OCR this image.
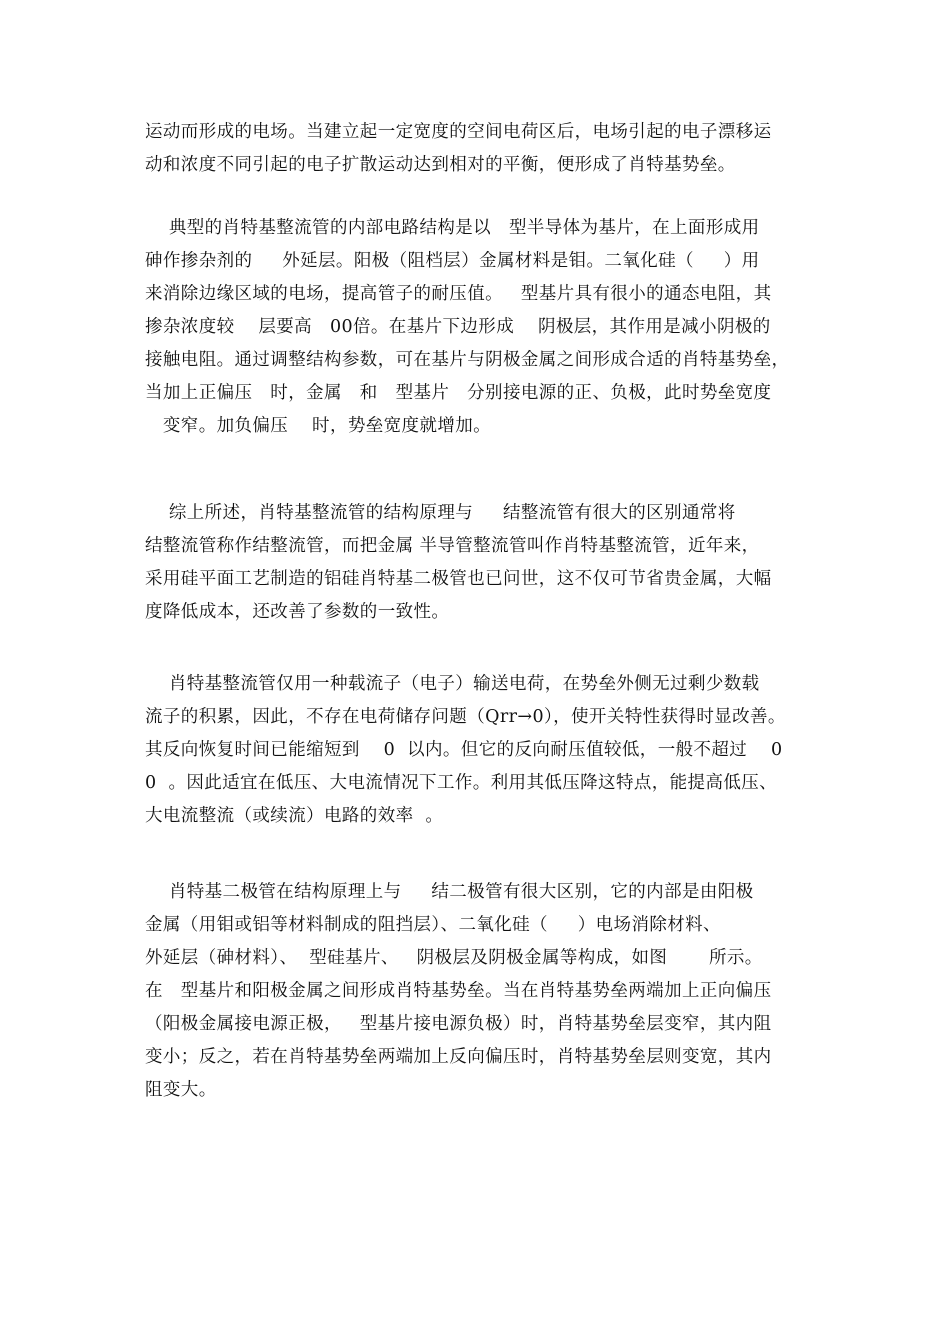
运动而形成的电场。当建立起一定宽度的空间电荷区后，电场引起的电子漂移运
动和浓度不同引起的电子扩散运动达到相对的平衡，便形成了肖特基势垒。
典型的肖特基整流管的内部电路结构是以   型半导体为基片，在上面形成用
砷作掺杂剂的     外延层。阳极（阻档层）金属材料是钼。二氧化硅（     ）用
来消除边缘区域的电场，提高管子的耐压值。   型基片具有很小的通态电阻，其
掺杂浓度较    层要高   00倍。在基片下边形成    阴极层，其作用是减小阴极的
接触电阻。通过调整结构参数，可在基片与阴极金属之间形成合适的肖特基势垒，
当加上正偏压   时，金属   和   型基片   分别接电源的正、负极，此时势垒宽度
变窄。加负偏压    时，势垒宽度就增加。
综上所述，肖特基整流管的结构原理与     结整流管有很大的区别通常将
结整流管称作结整流管，而把金属 半导管整流管叫作肖特基整流管，近年来，
采用硅平面工艺制造的铝硅肖特基二极管也已问世，这不仅可节省贵金属，大幅
度降低成本，还改善了参数的一致性。
肖特基整流管仅用一种载流子（电子）输送电荷，在势垒外侧无过剩少数载
流子的积累，因此，不存在电荷储存问题（Qrr→0），使开关特性获得时显改善。
其反向恢复时间已能缩短到    0  以内。但它的反向耐压值较低，一般不超过    0
0  。因此适宜在低压、大电流情况下工作。利用其低压降这特点，能提高低压、
大电流整流（或续流）电路的效率  。
肖特基二极管在结构原理上与     结二极管有很大区别，它的内部是由阳极
金属（用钼或铝等材料制成的阻挡层）、二氧化硅（     ）电场消除材料、
外延层（砷材料）、  型硅基片、   阴极层及阴极金属等构成，如图       所示。
在   型基片和阳极金属之间形成肖特基势垒。当在肖特基势垒两端加上正向偏压
（阳极金属接电源正极，   型基片接电源负极）时，肖特基势垒层变窄，其内阻
变小；反之，若在肖特基势垒两端加上反向偏压时，肖特基势垒层则变宽，其内
阻变大。
